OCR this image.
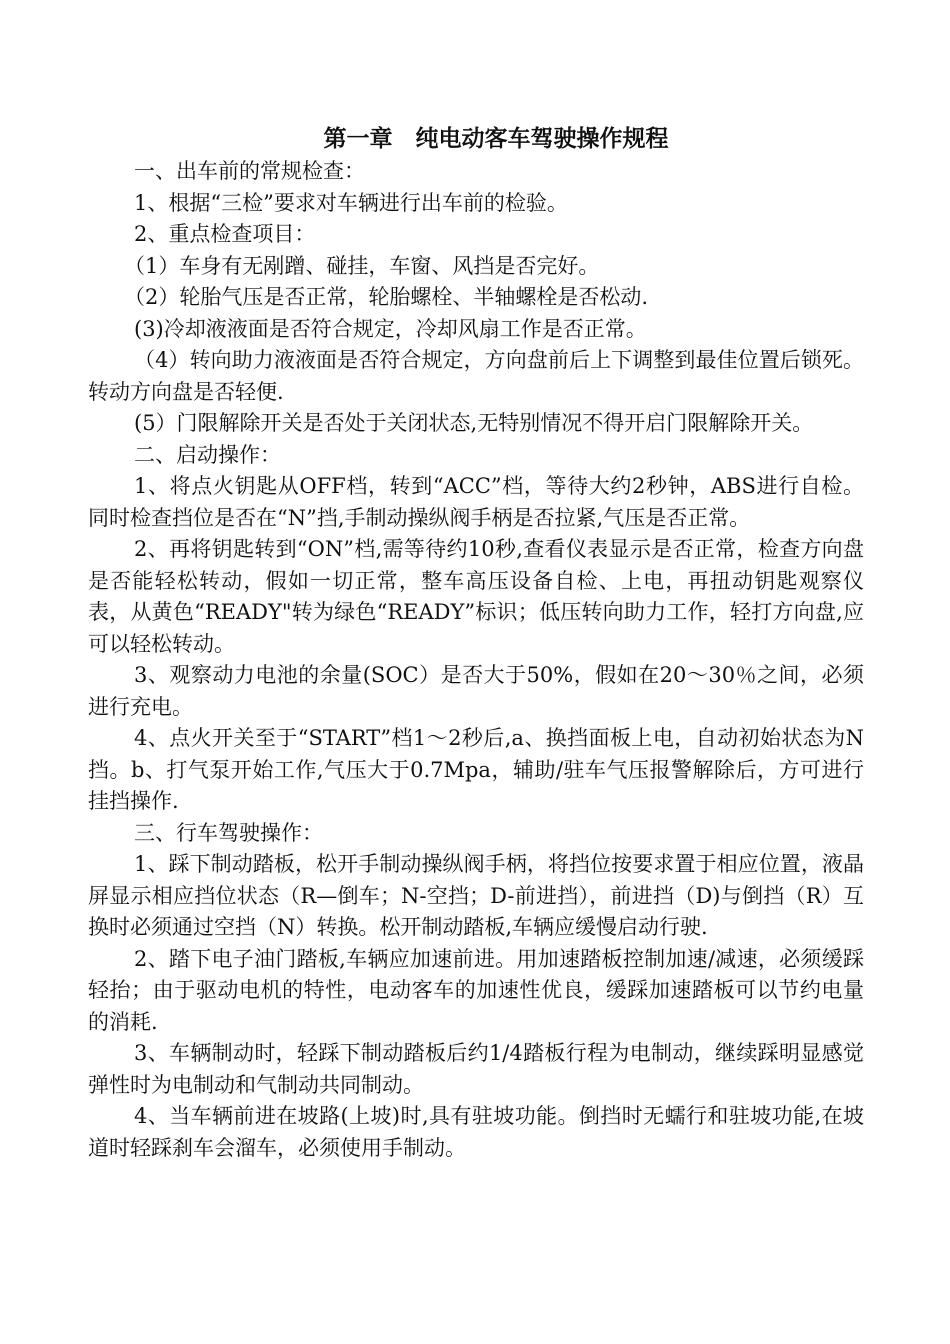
第一章　纯电动客车驾驶操作规程

一、出车前的常规检查：

1、根据“三检”要求对车辆进行出车前的检验。

2、重点检查项目：

（1）车身有无剐蹭、碰挂，车窗、风挡是否完好。

（2）轮胎气压是否正常，轮胎螺栓、半轴螺栓是否松动.

(3)冷却液液面是否符合规定，冷却风扇工作是否正常。

（4）转向助力液液面是否符合规定，方向盘前后上下调整到最佳位置后锁死。转动方向盘是否轻便.

(5）门限解除开关是否处于关闭状态,无特别情况不得开启门限解除开关。

二、启动操作：

1、将点火钥匙从OFF档，转到“ACC”档，等待大约2秒钟，ABS进行自检。同时检查挡位是否在“N”挡,手制动操纵阀手柄是否拉紧,气压是否正常。

2、再将钥匙转到“ON”档,需等待约10秒,查看仪表显示是否正常，检查方向盘是否能轻松转动，假如一切正常，整车高压设备自检、上电，再扭动钥匙观察仪表，从黄色“READY"转为绿色“READY”标识；低压转向助力工作，轻打方向盘,应可以轻松转动。

3、观察动力电池的余量(SOC）是否大于50%，假如在20～30％之间，必须进行充电。

4、点火开关至于“START”档1～2秒后,a、换挡面板上电，自动初始状态为N挡。b、打气泵开始工作,气压大于0.7Mpa，辅助/驻车气压报警解除后，方可进行挂挡操作.

三、行车驾驶操作：

1、踩下制动踏板，松开手制动操纵阀手柄，将挡位按要求置于相应位置，液晶屏显示相应挡位状态（R—倒车；N-空挡；D-前进挡），前进挡（D)与倒挡（R）互换时必须通过空挡（N）转换。松开制动踏板,车辆应缓慢启动行驶.

2、踏下电子油门踏板,车辆应加速前进。用加速踏板控制加速/减速，必须缓踩轻抬；由于驱动电机的特性，电动客车的加速性优良，缓踩加速踏板可以节约电量的消耗.

3、车辆制动时，轻踩下制动踏板后约1/4踏板行程为电制动，继续踩明显感觉弹性时为电制动和气制动共同制动。

4、当车辆前进在坡路(上坡)时,具有驻坡功能。倒挡时无蠕行和驻坡功能,在坡道时轻踩刹车会溜车，必须使用手制动。
